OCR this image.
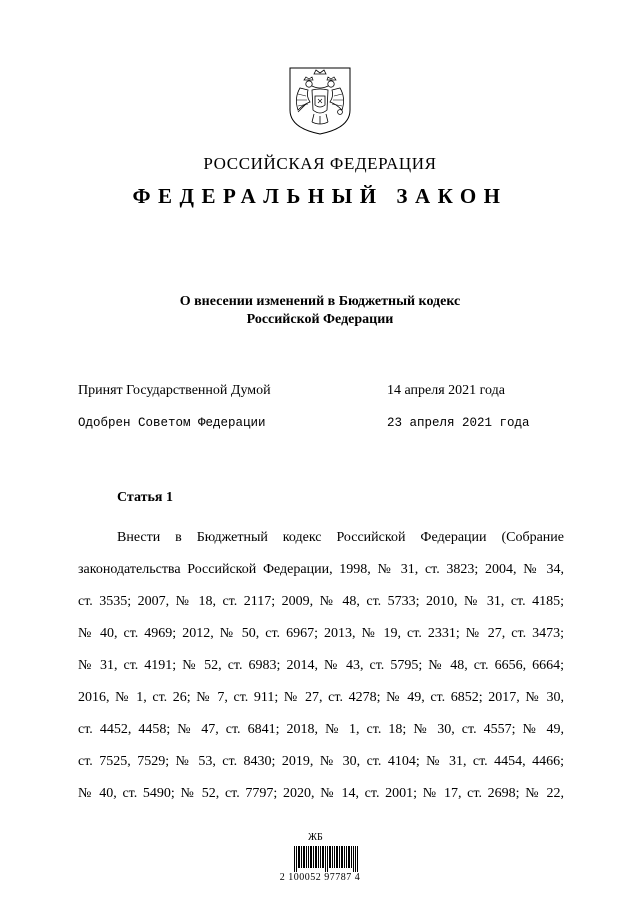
РОССИЙСКАЯ ФЕДЕРАЦИЯ
ФЕДЕРАЛЬНЫЙ ЗАКОН
О внесении изменений в Бюджетный кодекс
Российской Федерации
Принят Государственной Думой	14 апреля 2021 года
Одобрен Советом Федерации	23 апреля 2021 года
Статья 1
Внести в Бюджетный кодекс Российской Федерации (Собрание
законодательства Российской Федерации, 1998, № 31, ст. 3823; 2004, № 34,
ст. 3535; 2007, № 18, ст. 2117; 2009, № 48, ст. 5733; 2010, № 31, ст. 4185;
№ 40, ст. 4969; 2012, № 50, ст. 6967; 2013, № 19, ст. 2331; № 27, ст. 3473;
№ 31, ст. 4191; № 52, ст. 6983; 2014, № 43, ст. 5795; № 48, ст. 6656, 6664;
2016, № 1, ст. 26; № 7, ст. 911; № 27, ст. 4278; № 49, ст. 6852; 2017, № 30,
ст. 4452, 4458; № 47, ст. 6841; 2018, № 1, ст. 18; № 30, ст. 4557; № 49,
ст. 7525, 7529; № 53, ст. 8430; 2019, № 30, ст. 4104; № 31, ст. 4454, 4466;
№ 40, ст. 5490; № 52, ст. 7797; 2020, № 14, ст. 2001; № 17, ст. 2698; № 22,
ЖБ
2 100052 97787 4
